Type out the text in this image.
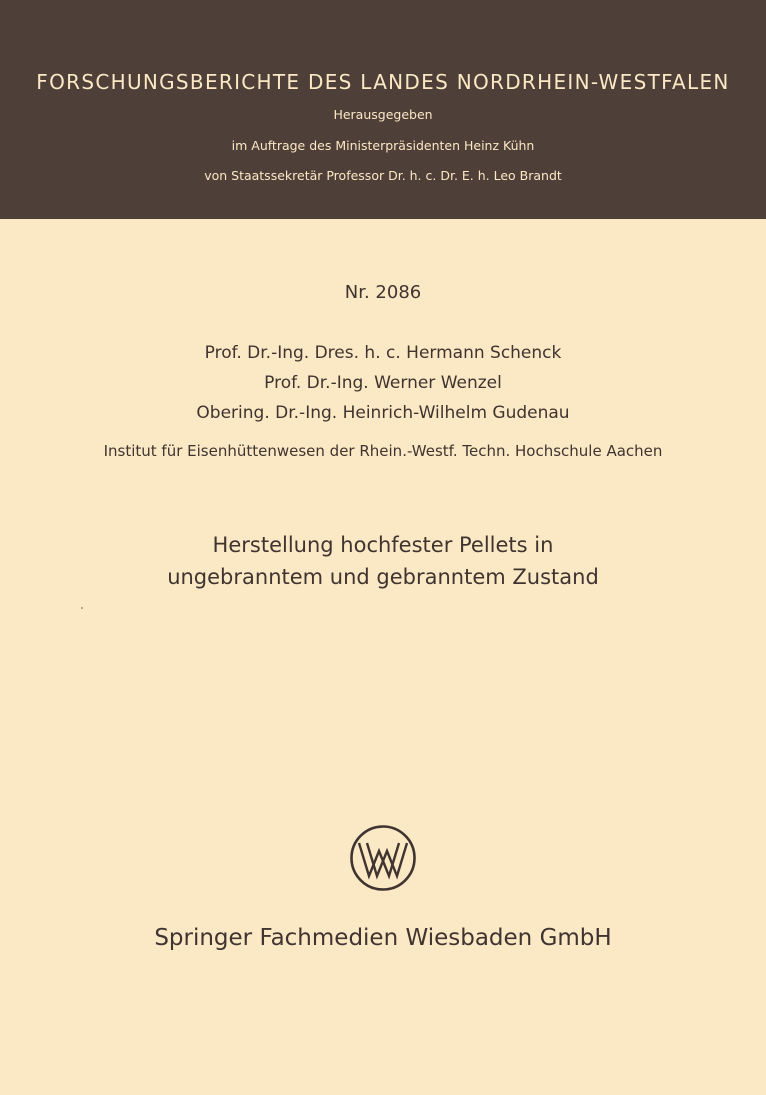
FORSCHUNGSBERICHTE DES LANDES NORDRHEIN-WESTFALEN
Herausgegeben
im Auftrage des Ministerpräsidenten Heinz Kühn
von Staatssekretär Professor Dr. h. c. Dr. E. h. Leo Brandt
Nr. 2086
Prof. Dr.-Ing. Dres. h. c. Hermann Schenck
Prof. Dr.-Ing. Werner Wenzel
Obering. Dr.-Ing. Heinrich-Wilhelm Gudenau
Institut für Eisenhüttenwesen der Rhein.-Westf. Techn. Hochschule Aachen
Herstellung hochfester Pellets in
ungebranntem und gebranntem Zustand
Springer Fachmedien Wiesbaden GmbH
